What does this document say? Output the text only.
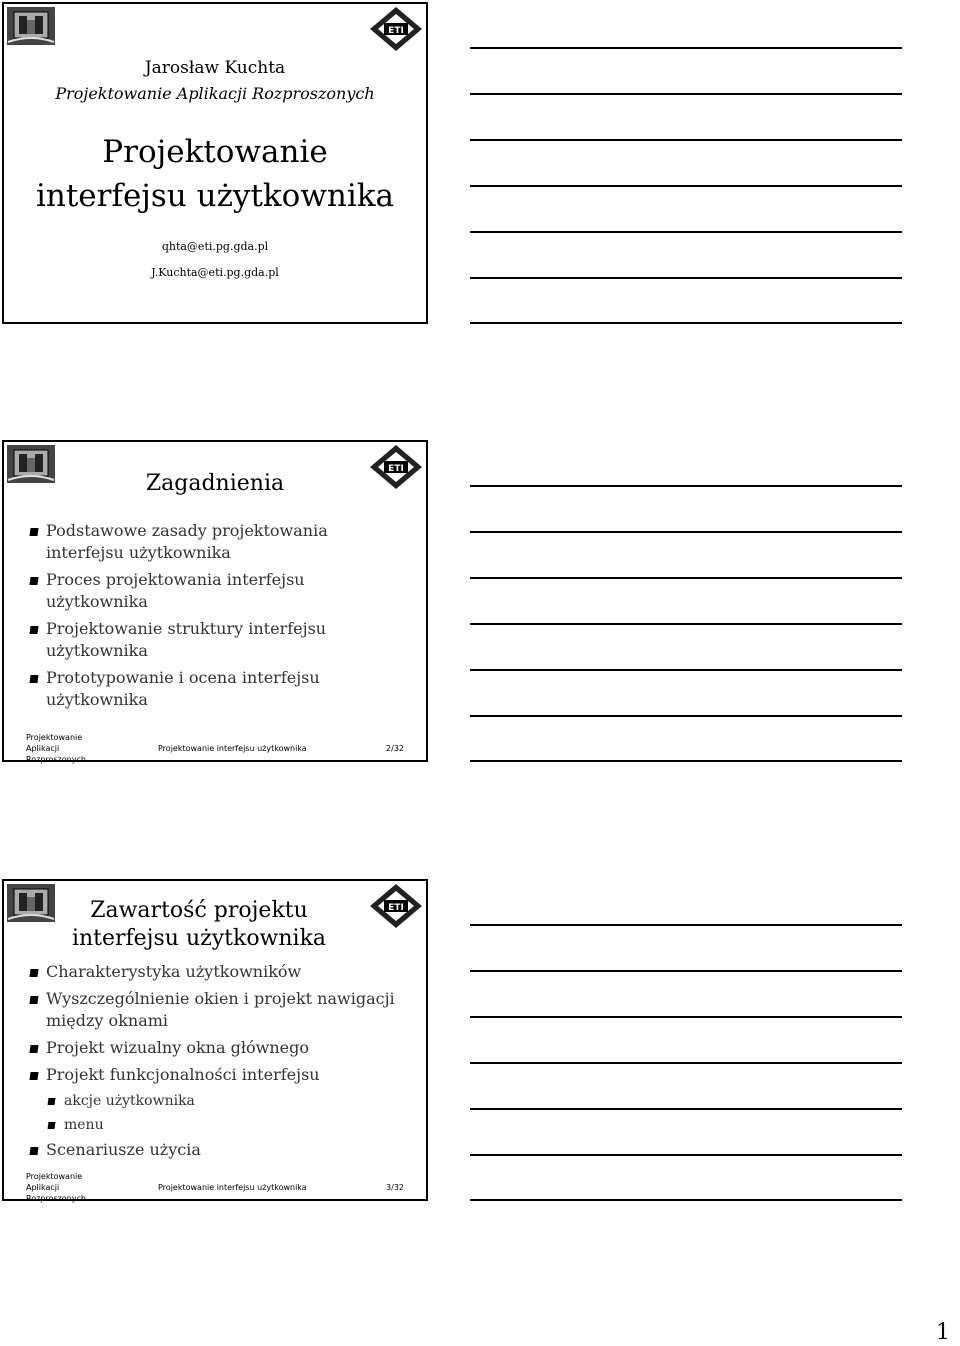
ETI
Jarosław Kuchta
Projektowanie Aplikacji Rozproszonych
Projektowanie
interfejsu użytkownika
qhta@eti.pg.gda.pl
J.Kuchta@eti.pg.gda.pl
ETI
Zagadnienia
Podstawowe zasady projektowania interfejsu użytkownika
Proces projektowania interfejsu użytkownika
Projektowanie struktury interfejsu użytkownika
Prototypowanie i ocena interfejsu użytkownika
Projektowanie Aplikacji Rozproszonych
Projektowanie interfejsu użytkownika	2/32
ETI
Zawartość projektu interfejsu użytkownika
Charakterystyka użytkowników
Wyszczególnienie okien i projekt nawigacji między oknami
Projekt wizualny okna głównego
Projekt funkcjonalności interfejsu
akcje użytkownika
menu
Scenariusze użycia
Projektowanie Aplikacji Rozproszonych
Projektowanie interfejsu użytkownika	3/32
1
